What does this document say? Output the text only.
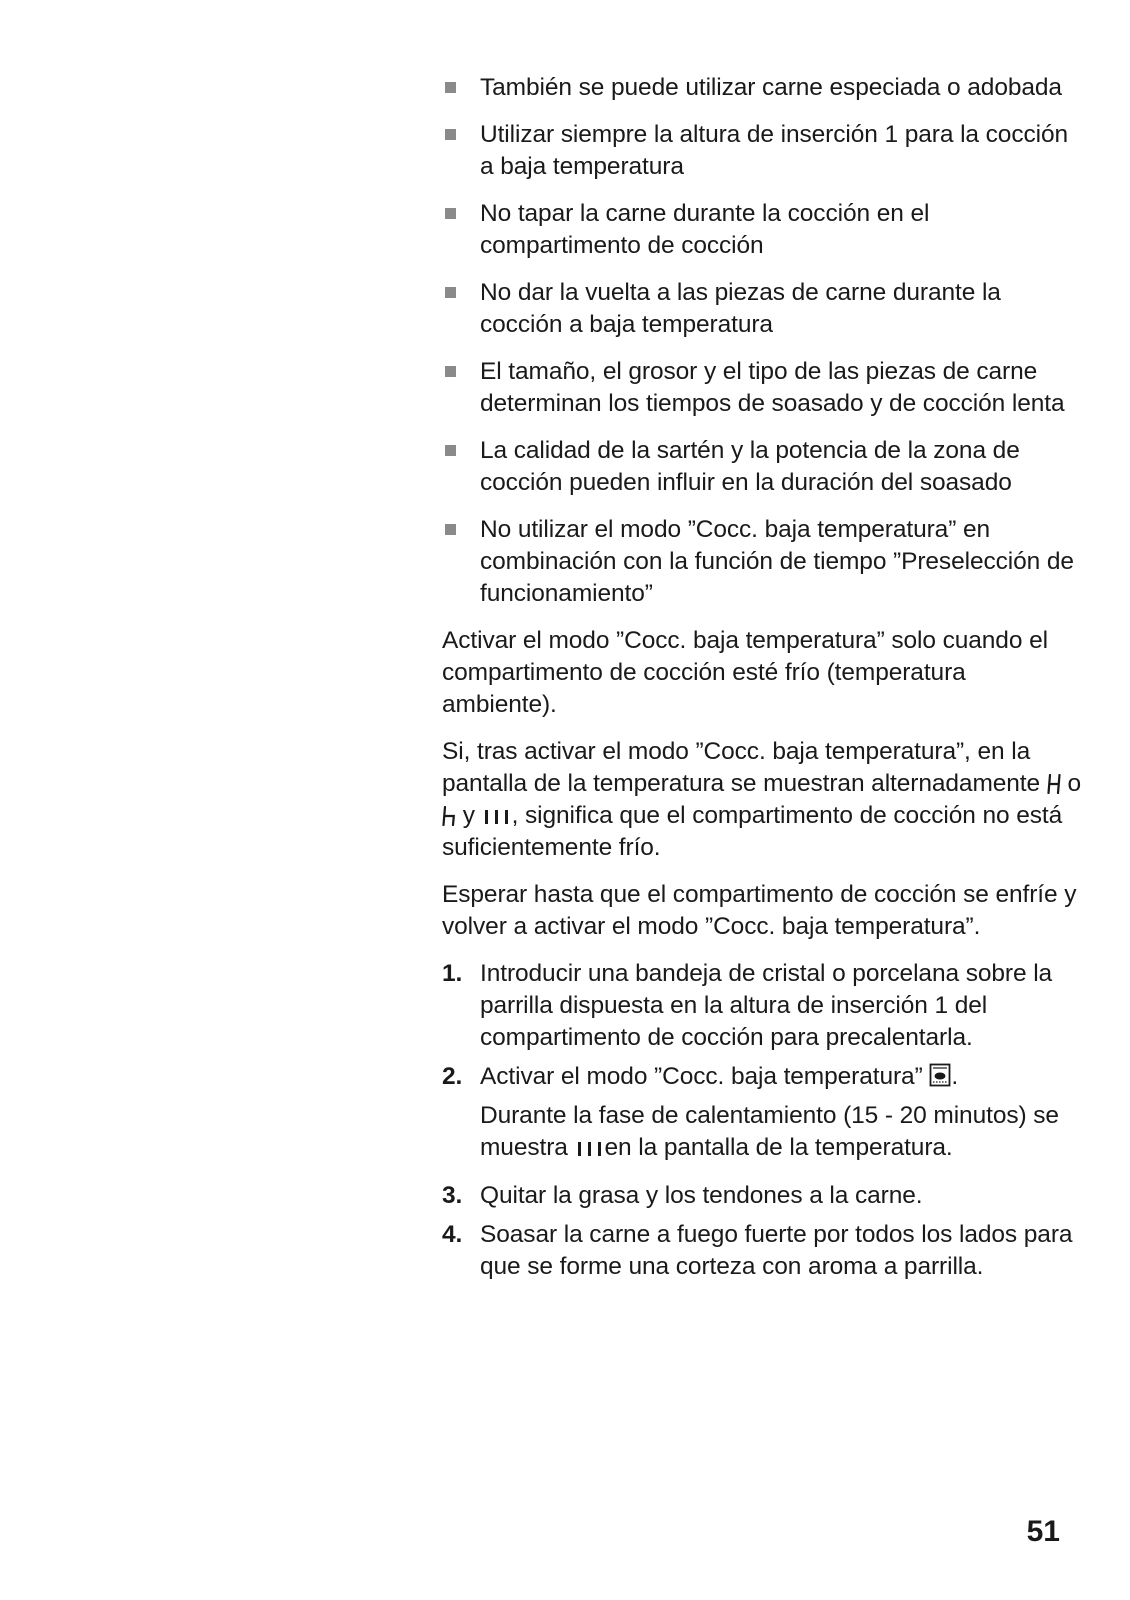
También se puede utilizar carne especiada o adobada
Utilizar siempre la altura de inserción 1 para la cocción a baja temperatura
No tapar la carne durante la cocción en el compartimento de cocción
No dar la vuelta a las piezas de carne durante la cocción a baja temperatura
El tamaño, el grosor y el tipo de las piezas de carne determinan los tiempos de soasado y de cocción lenta
La calidad de la sartén y la potencia de la zona de cocción pueden influir en la duración del soasado
No utilizar el modo ”Cocc. baja temperatura” en combinación con la función de tiempo ”Preselección de funcionamiento”

Activar el modo ”Cocc. baja temperatura” solo cuando el compartimento de cocción esté frío (temperatura ambiente).

Si, tras activar el modo ”Cocc. baja temperatura”, en la pantalla de la temperatura se muestran alternadamente o  y , significa que el compartimento de cocción no está suficientemente frío.

Esperar hasta que el compartimento de cocción se enfríe y volver a activar el modo ”Cocc. baja temperatura”.

1. Introducir una bandeja de cristal o porcelana sobre la parrilla dispuesta en la altura de inserción 1 del compartimento de cocción para precalentarla.
2. Activar el modo ”Cocc. baja temperatura” .
Durante la fase de calentamiento (15 - 20 minutos) se muestra en la pantalla de la temperatura.
3. Quitar la grasa y los tendones a la carne.
4. Soasar la carne a fuego fuerte por todos los lados para que se forme una corteza con aroma a parrilla.
51
